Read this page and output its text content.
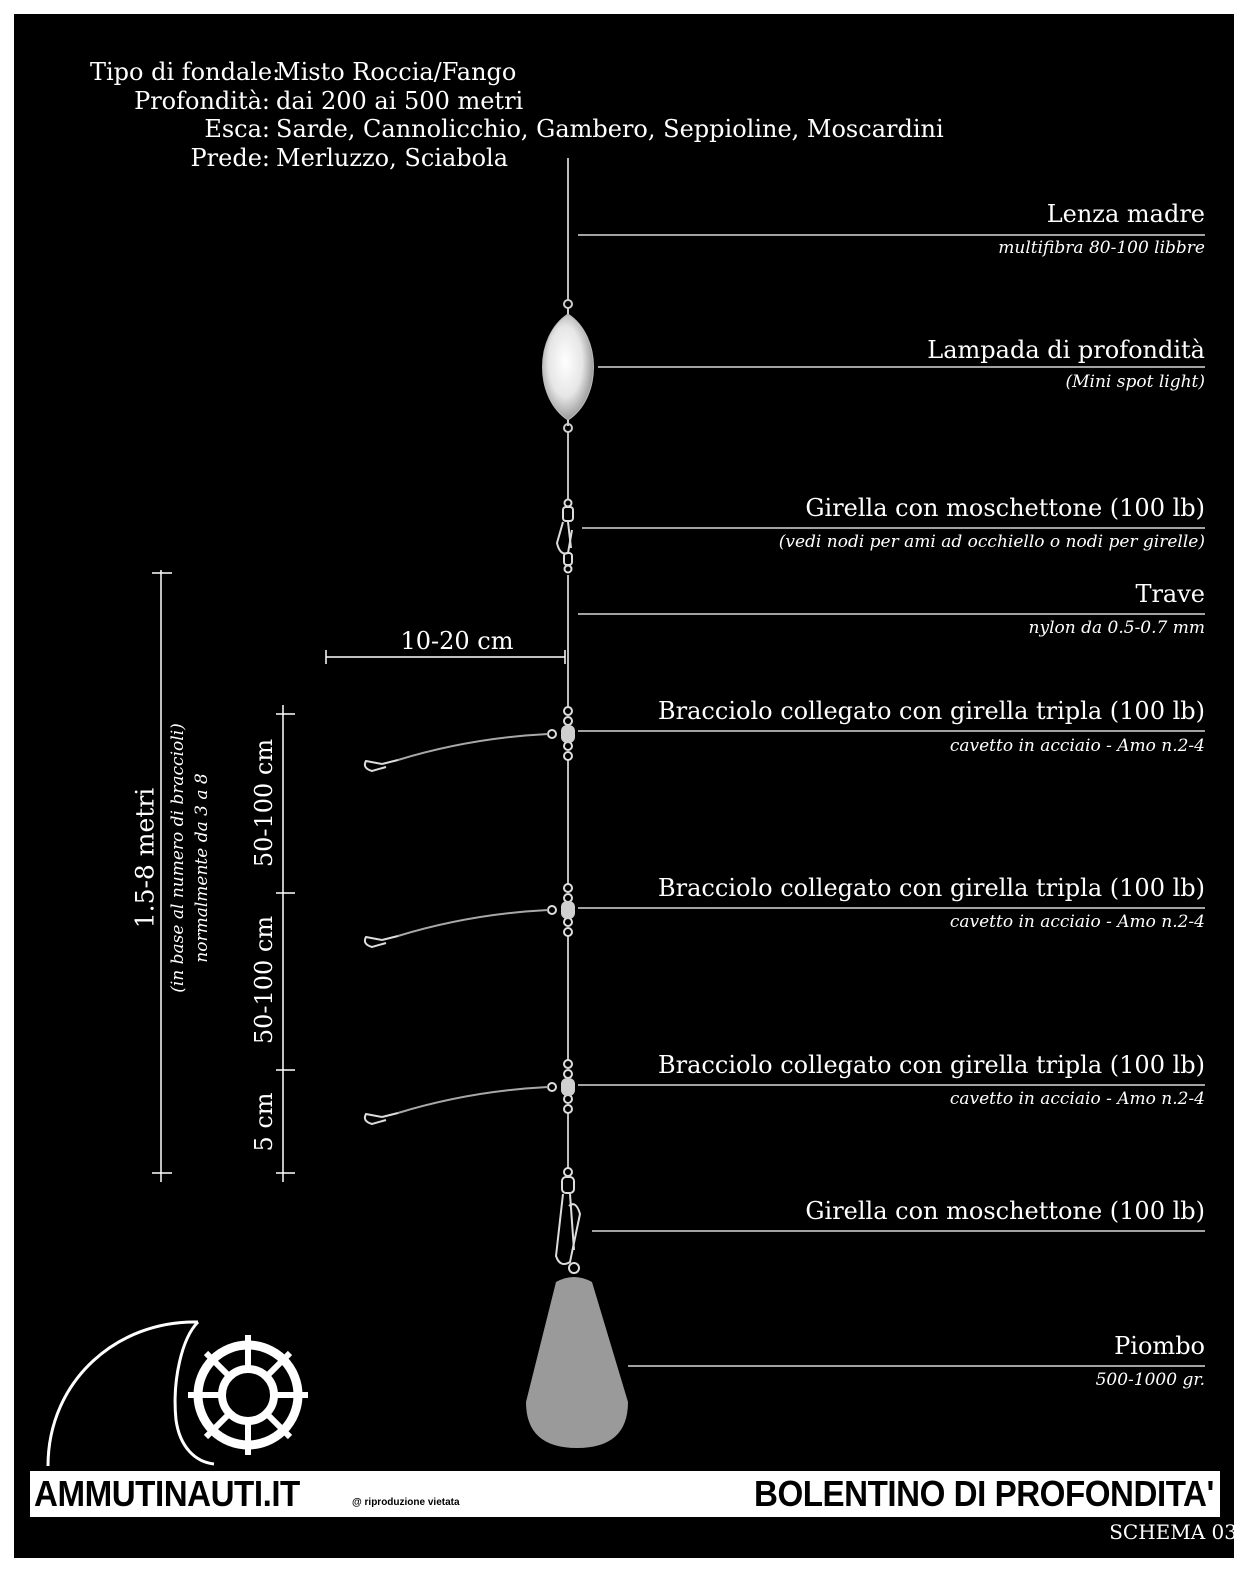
Tipo di fondale:
Misto Roccia/Fango
Profondità: dai 200 ai 500 metri
Esca: Sarde, Cannolicchio, Gambero, Seppioline, Moscardini
Prede: Merluzzo, Sciabola
Lenza madre
multifibra 80-100 libbre
Lampada di profondità
(Mini spot light)
Girella con moschettone (100 lb)
(vedi nodi per ami ad occhiello o nodi per girelle)
Trave
nylon da 0.5-0.7 mm
Bracciolo collegato con girella tripla (100 lb)
cavetto in acciaio - Amo n.2-4
Bracciolo collegato con girella tripla (100 lb)
cavetto in acciaio - Amo n.2-4
Bracciolo collegato con girella tripla (100 lb)
cavetto in acciaio - Amo n.2-4
Girella con moschettone (100 lb)
Piombo
500-1000 gr.
10-20 cm
1.5-8 metri (in base al numero di braccioli) normalmente da 3 a 8 50-100 cm
50-100 cm
5 cm
AMMUTINAUTI.IT	@ riproduzione vietata	BOLENTINO DI PROFONDITA'
SCHEMA 03
